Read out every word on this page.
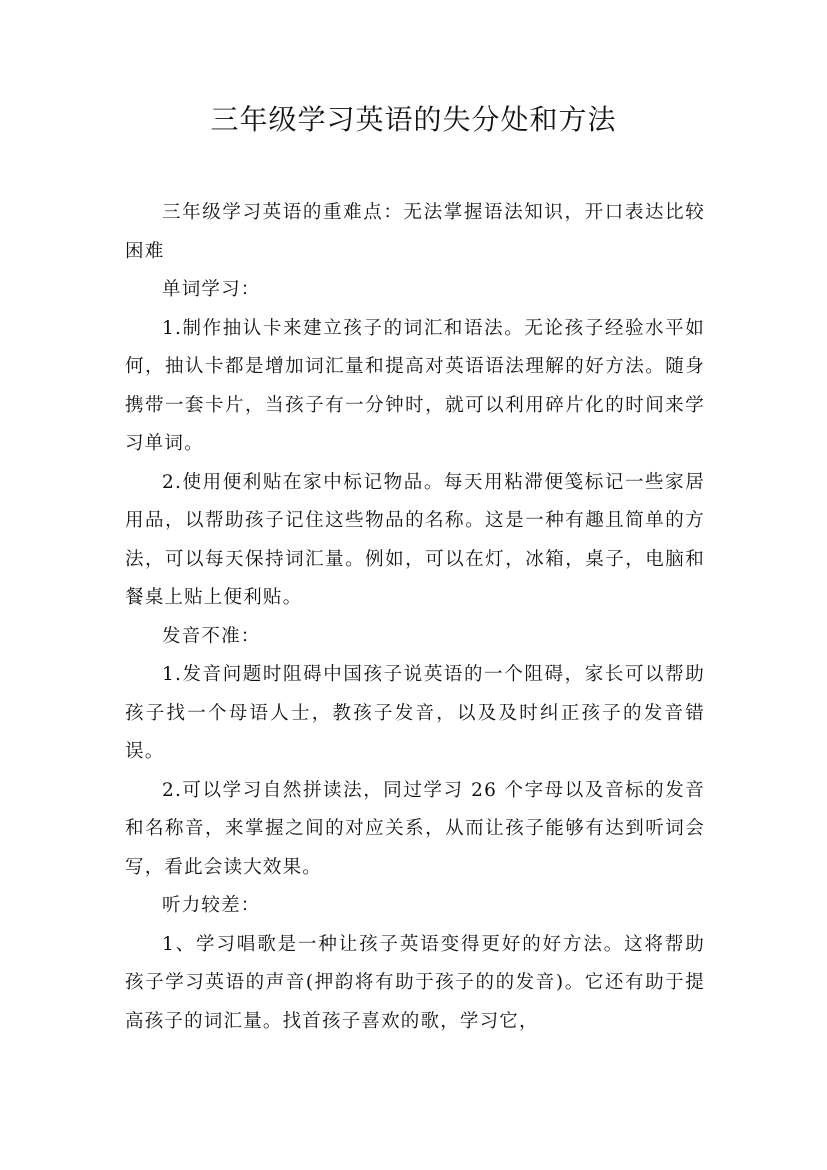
三年级学习英语的失分处和方法

三年级学习英语的重难点：无法掌握语法知识，开口表达比较困难

单词学习：

1.制作抽认卡来建立孩子的词汇和语法。无论孩子经验水平如何，抽认卡都是增加词汇量和提高对英语语法理解的好方法。随身携带一套卡片，当孩子有一分钟时，就可以利用碎片化的时间来学习单词。

2.使用便利贴在家中标记物品。每天用粘滞便笺标记一些家居用品，以帮助孩子记住这些物品的名称。这是一种有趣且简单的方法，可以每天保持词汇量。例如，可以在灯，冰箱，桌子，电脑和餐桌上贴上便利贴。

发音不准：

1.发音问题时阻碍中国孩子说英语的一个阻碍，家长可以帮助孩子找一个母语人士，教孩子发音，以及及时纠正孩子的发音错误。

2.可以学习自然拼读法，同过学习 26 个字母以及音标的发音和名称音，来掌握之间的对应关系，从而让孩子能够有达到听词会写，看此会读大效果。

听力较差：

1、学习唱歌是一种让孩子英语变得更好的好方法。这将帮助孩子学习英语的声音(押韵将有助于孩子的的发音)。它还有助于提高孩子的词汇量。找首孩子喜欢的歌，学习它，
